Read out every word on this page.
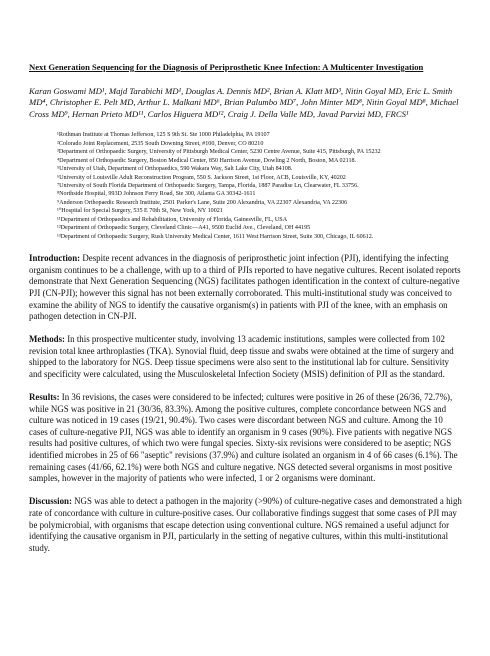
Next Generation Sequencing for the Diagnosis of Periprosthetic Knee Infection: A Multicenter Investigation
Karan Goswami MD¹, Majd Tarabichi MD¹, Douglas A. Dennis MD², Brian A. Klatt MD³, Nitin Goyal MD, Eric L. Smith MD⁴, Christopher E. Pelt MD, Arthur L. Malkani MD⁶, Brian Palumbo MD⁷, John Minter MD⁸, Nitin Goyal MD⁸, Michael Cross MD⁹, Hernan Prieto MD¹¹, Carlos Higuera MD¹², Craig J. Della Valle MD, Javad Parvizi MD, FRCS¹
¹Rothman Institute at Thomas Jefferson, 125 S 9th St. Ste 1000 Philadelphia, PA 19107
²Colorado Joint Replacement, 2535 South Downing Street, #100, Denver, CO 80210
³Department of Orthopaedic Surgery, University of Pittsburgh Medical Center, 5230 Centre Avenue, Suite 415, Pittsburgh, PA 15232
⁴Department of Orthopaedic Surgery, Boston Medical Center, 850 Harrison Avenue, Dowling 2 North, Boston, MA 02118.
⁵University of Utah, Department of Orthopaedics, 590 Wakara Way, Salt Lake City, Utah 84108.
⁶University of Louisville Adult Reconstruction Program, 550 S. Jackson Street, 1st Floor, ACB, Louisville, KY, 40202
⁷University of South Florida Department of Orthopaedic Surgery, Tampa, Florida, 1887 Paradise Ln, Clearwater, FL 33756.
⁸Northside Hospital, 993D Johnson Ferry Road, Ste 300, Atlanta GA 30342-1611
⁹Anderson Orthopaedic Research Institute, 2501 Parker's Lane, Suite 200 Alexandria, VA 22307 Alexandria, VA 22306
¹⁰Hospital for Special Surgery, 535 E 70th St, New York, NY 10021
¹¹Department of Orthopaedics and Rehabilitation, University of Florida, Gainesville, FL, USA
¹²Department of Orthopaedic Surgery, Cleveland Clinic—A41, 9500 Euclid Ave., Cleveland, OH 44195
¹³Department of Orthopaedic Surgery, Rush University Medical Center, 1611 West Harrison Street, Suite 300, Chicago, IL 60612.

Introduction: Despite recent advances in the diagnosis of periprosthetic joint infection (PJI), identifying the infecting organism continues to be a challenge, with up to a third of PJIs reported to have negative cultures. Recent isolated reports demonstrate that Next Generation Sequencing (NGS) facilitates pathogen identification in the context of culture-negative PJI (CN-PJI); however this signal has not been externally corroborated. This multi-institutional study was conceived to examine the ability of NGS to identify the causative organism(s) in patients with PJI of the knee, with an emphasis on pathogen detection in CN-PJI.

Methods: In this prospective multicenter study, involving 13 academic institutions, samples were collected from 102 revision total knee arthroplasties (TKA). Synovial fluid, deep tissue and swabs were obtained at the time of surgery and shipped to the laboratory for NGS. Deep tissue specimens were also sent to the institutional lab for culture. Sensitivity and specificity were calculated, using the Musculoskeletal Infection Society (MSIS) definition of PJI as the standard.

Results: In 36 revisions, the cases were considered to be infected; cultures were positive in 26 of these (26/36, 72.7%), while NGS was positive in 21 (30/36, 83.3%). Among the positive cultures, complete concordance between NGS and culture was noticed in 19 cases (19/21, 90.4%). Two cases were discordant between NGS and culture. Among the 10 cases of culture-negative PJI, NGS was able to identify an organism in 9 cases (90%). Five patients with negative NGS results had positive cultures, of which two were fungal species. Sixty-six revisions were considered to be aseptic; NGS identified microbes in 25 of 66 "aseptic" revisions (37.9%) and culture isolated an organism in 4 of 66 cases (6.1%). The remaining cases (41/66, 62.1%) were both NGS and culture negative. NGS detected several organisms in most positive samples, however in the majority of patients who were infected, 1 or 2 organisms were dominant.

Discussion: NGS was able to detect a pathogen in the majority (>90%) of culture-negative cases and demonstrated a high rate of concordance with culture in culture-positive cases. Our collaborative findings suggest that some cases of PJI may be polymicrobial, with organisms that escape detection using conventional culture. NGS remained a useful adjunct for identifying the causative organism in PJI, particularly in the setting of negative cultures, within this multi-institutional study.
